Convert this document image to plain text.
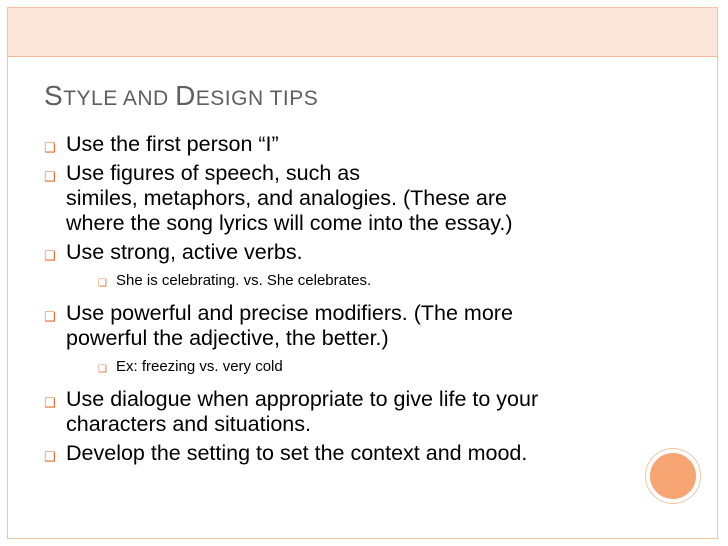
STYLE AND DESIGN TIPS
❑ Use the first person “I”
❑ Use figures of speech, such as
similes, metaphors, and analogies. (These are
where the song lyrics will come into the essay.)
❑ Use strong, active verbs.
❑ She is celebrating. vs. She celebrates.
❑ Use powerful and precise modifiers. (The more
powerful the adjective, the better.)
❑ Ex: freezing vs. very cold
❑ Use dialogue when appropriate to give life to your
characters and situations.
❑ Develop the setting to set the context and mood.
